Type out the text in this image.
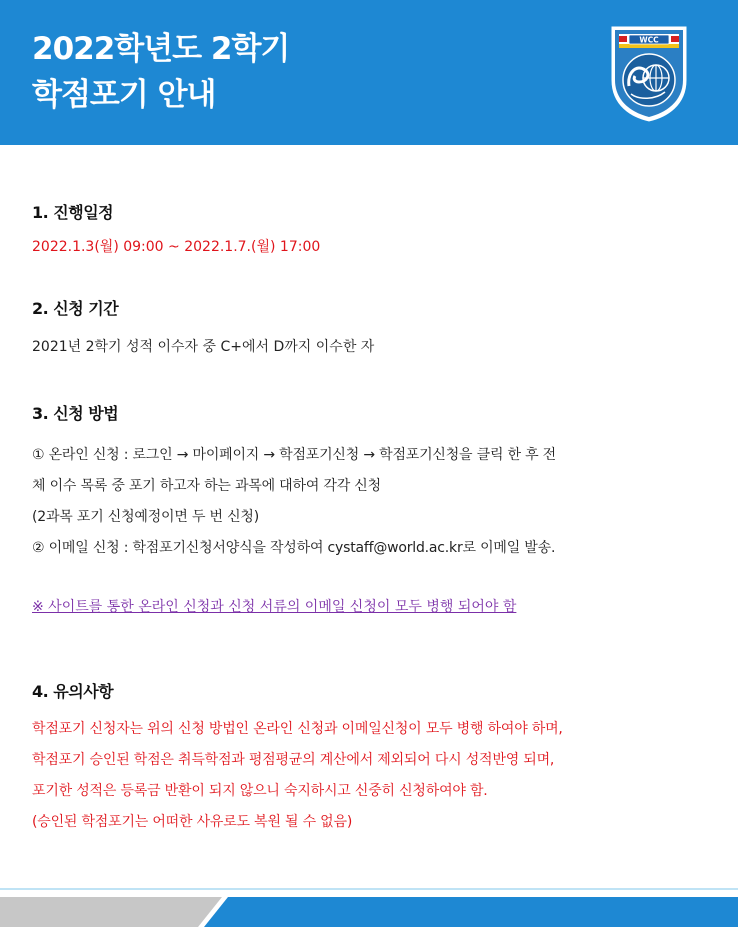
2022학년도 2학기
학점포기 안내
WCC
1. 진행일정

2022.1.3(월) 09:00 ~ 2022.1.7.(월) 17:00

2. 신청 기간

2021년 2학기 성적 이수자 중 C+에서 D까지 이수한 자

3. 신청 방법

① 온라인 신청 : 로그인 → 마이페이지 → 학점포기신청 → 학점포기신청을 클릭 한 후 전

체 이수 목록 중 포기 하고자 하는 과목에 대하여 각각 신청

(2과목 포기 신청예정이면 두 번 신청)

② 이메일 신청 : 학점포기신청서양식을 작성하여 cystaff@world.ac.kr로 이메일 발송.

※ 사이트를 통한 온라인 신청과 신청 서류의 이메일 신청이 모두 병행 되어야 함
4. 유의사항

학점포기 신청자는 위의 신청 방법인 온라인 신청과 이메일신청이 모두 병행 하여야 하며,

학점포기 승인된 학점은 취득학점과 평점평균의 계산에서 제외되어 다시 성적반영 되며,

포기한 성적은 등록금 반환이 되지 않으니 숙지하시고 신중히 신청하여야 함.

(승인된 학점포기는 어떠한 사유로도 복원 될 수 없음)
